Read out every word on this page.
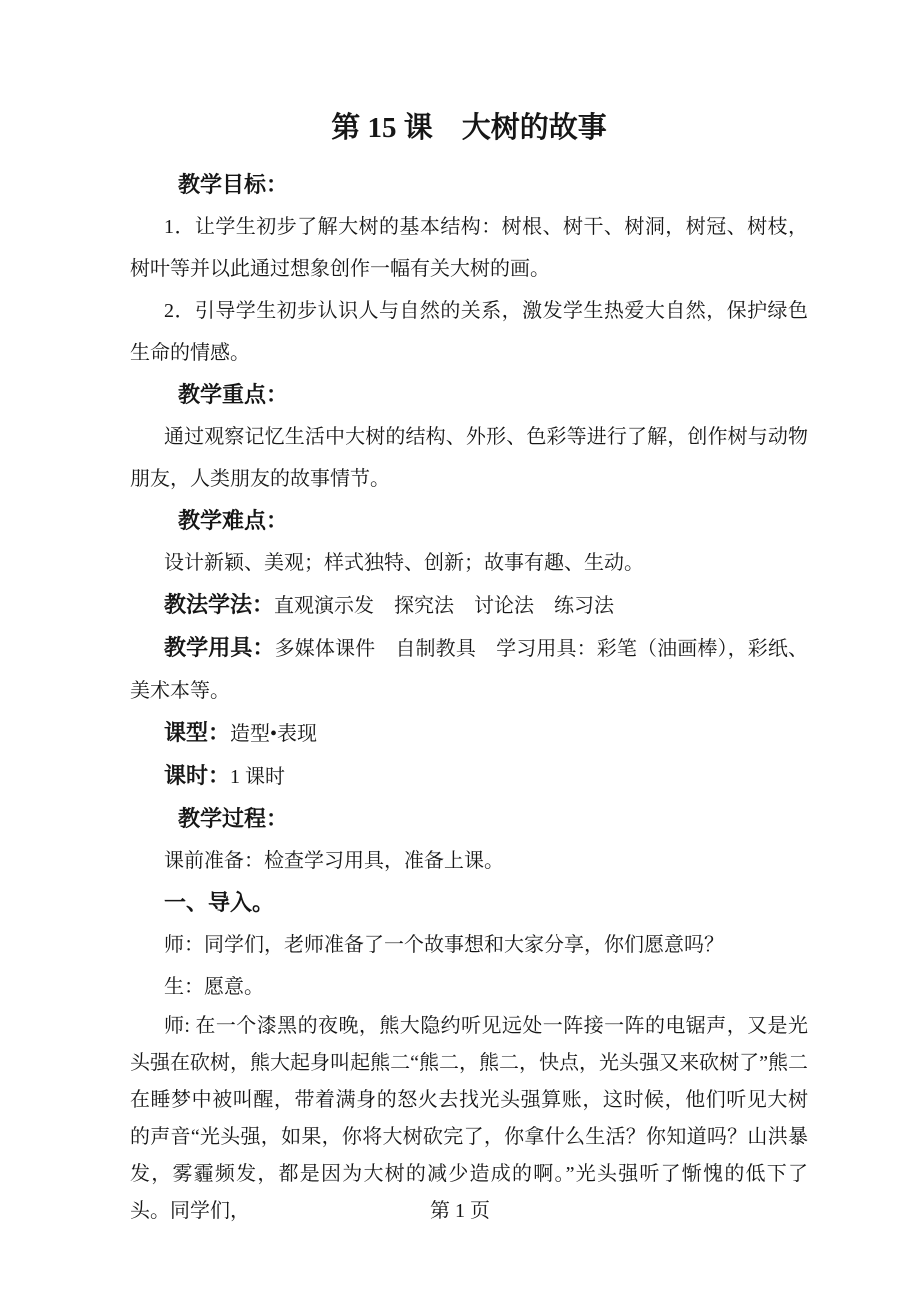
第 15 课　大树的故事

教学目标：

1．让学生初步了解大树的基本结构：树根、树干、树洞，树冠、树枝，树叶等并以此通过想象创作一幅有关大树的画。

2．引导学生初步认识人与自然的关系，激发学生热爱大自然，保护绿色生命的情感。

教学重点：

通过观察记忆生活中大树的结构、外形、色彩等进行了解，创作树与动物朋友，人类朋友的故事情节。

教学难点：

设计新颖、美观；样式独特、创新；故事有趣、生动。

教法学法：直观演示发　探究法　讨论法　练习法

教学用具：多媒体课件　自制教具　学习用具：彩笔（油画棒），彩纸、美术本等。

课型：造型•表现

课时：1 课时

教学过程：

课前准备：检查学习用具，准备上课。

一、导入。

师：同学们，老师准备了一个故事想和大家分享，你们愿意吗？

生：愿意。

师: 在一个漆黑的夜晚，熊大隐约听见远处一阵接一阵的电锯声，又是光头强在砍树，熊大起身叫起熊二“熊二，熊二，快点，光头强又来砍树了”熊二在睡梦中被叫醒，带着满身的怒火去找光头强算账，这时候，他们听见大树的声音“光头强，如果，你将大树砍完了，你拿什么生活？你知道吗？山洪暴发，雾霾频发，都是因为大树的减少造成的啊。”光头强听了惭愧的低下了头。同学们，	第 1 页
